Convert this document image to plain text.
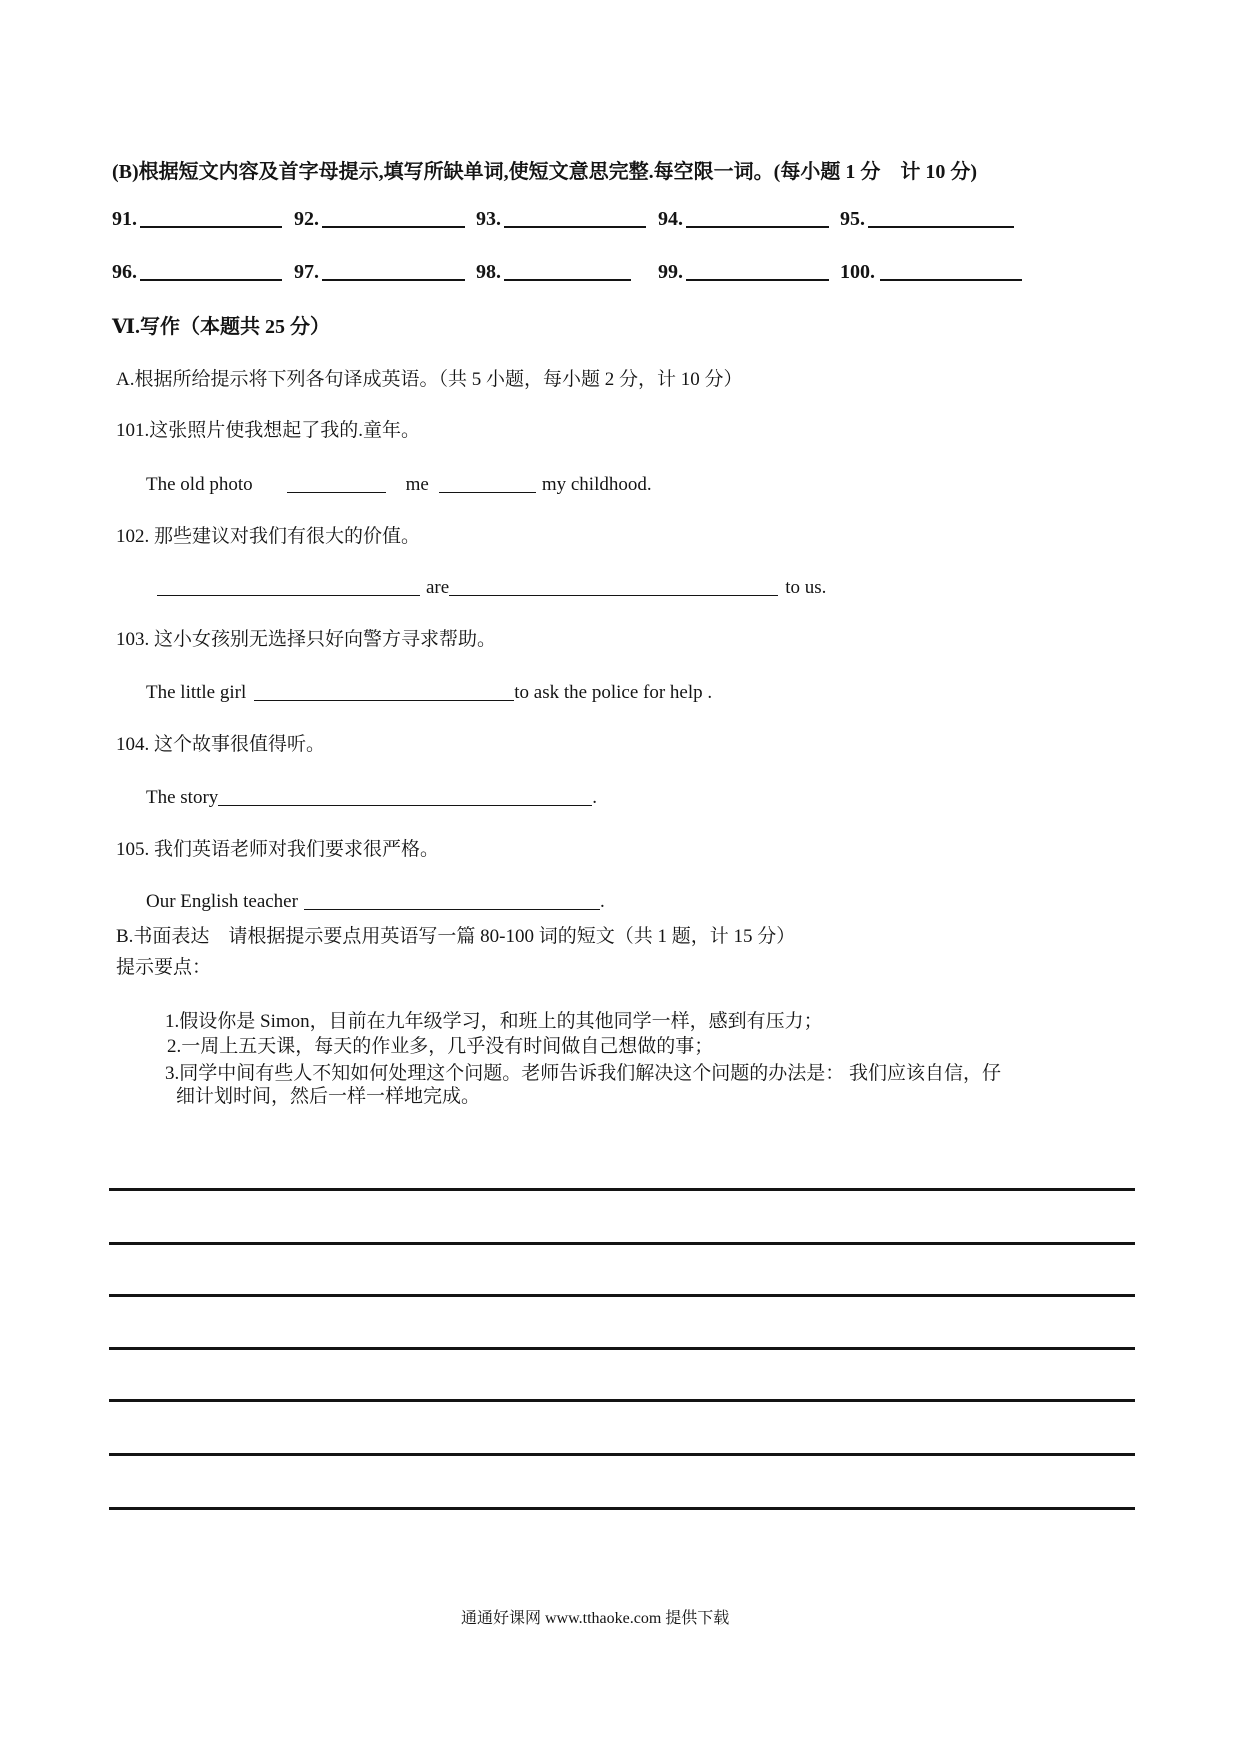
(B)根据短文内容及首字母提示,填写所缺单词,使短文意思完整.每空限一词。(每小题 1 分　计 10 分)
91.	92.	93.	94.	95.
96.	97.	98.	99.	100.
Ⅵ.写作（本题共 25 分）
A.根据所给提示将下列各句译成英语。（共 5 小题，每小题 2 分，计 10 分）
101.这张照片使我想起了我的.童年。
The old photo	me	my childhood.
102. 那些建议对我们有很大的价值。
are	to us.
103. 这小女孩别无选择只好向警方寻求帮助。
The little girl	to ask the police for help .
104. 这个故事很值得听。
The story	.
105. 我们英语老师对我们要求很严格。
Our English teacher	.
B.书面表达　请根据提示要点用英语写一篇 80-100 词的短文（共 1 题，计 15 分）
提示要点：
1.假设你是 Simon，目前在九年级学习，和班上的其他同学一样，感到有压力；
2.一周上五天课，每天的作业多，几乎没有时间做自己想做的事；
3.同学中间有些人不知如何处理这个问题。老师告诉我们解决这个问题的办法是： 我们应该自信，仔
细计划时间，然后一样一样地完成。
通通好课网 www.tthaoke.com 提供下载
